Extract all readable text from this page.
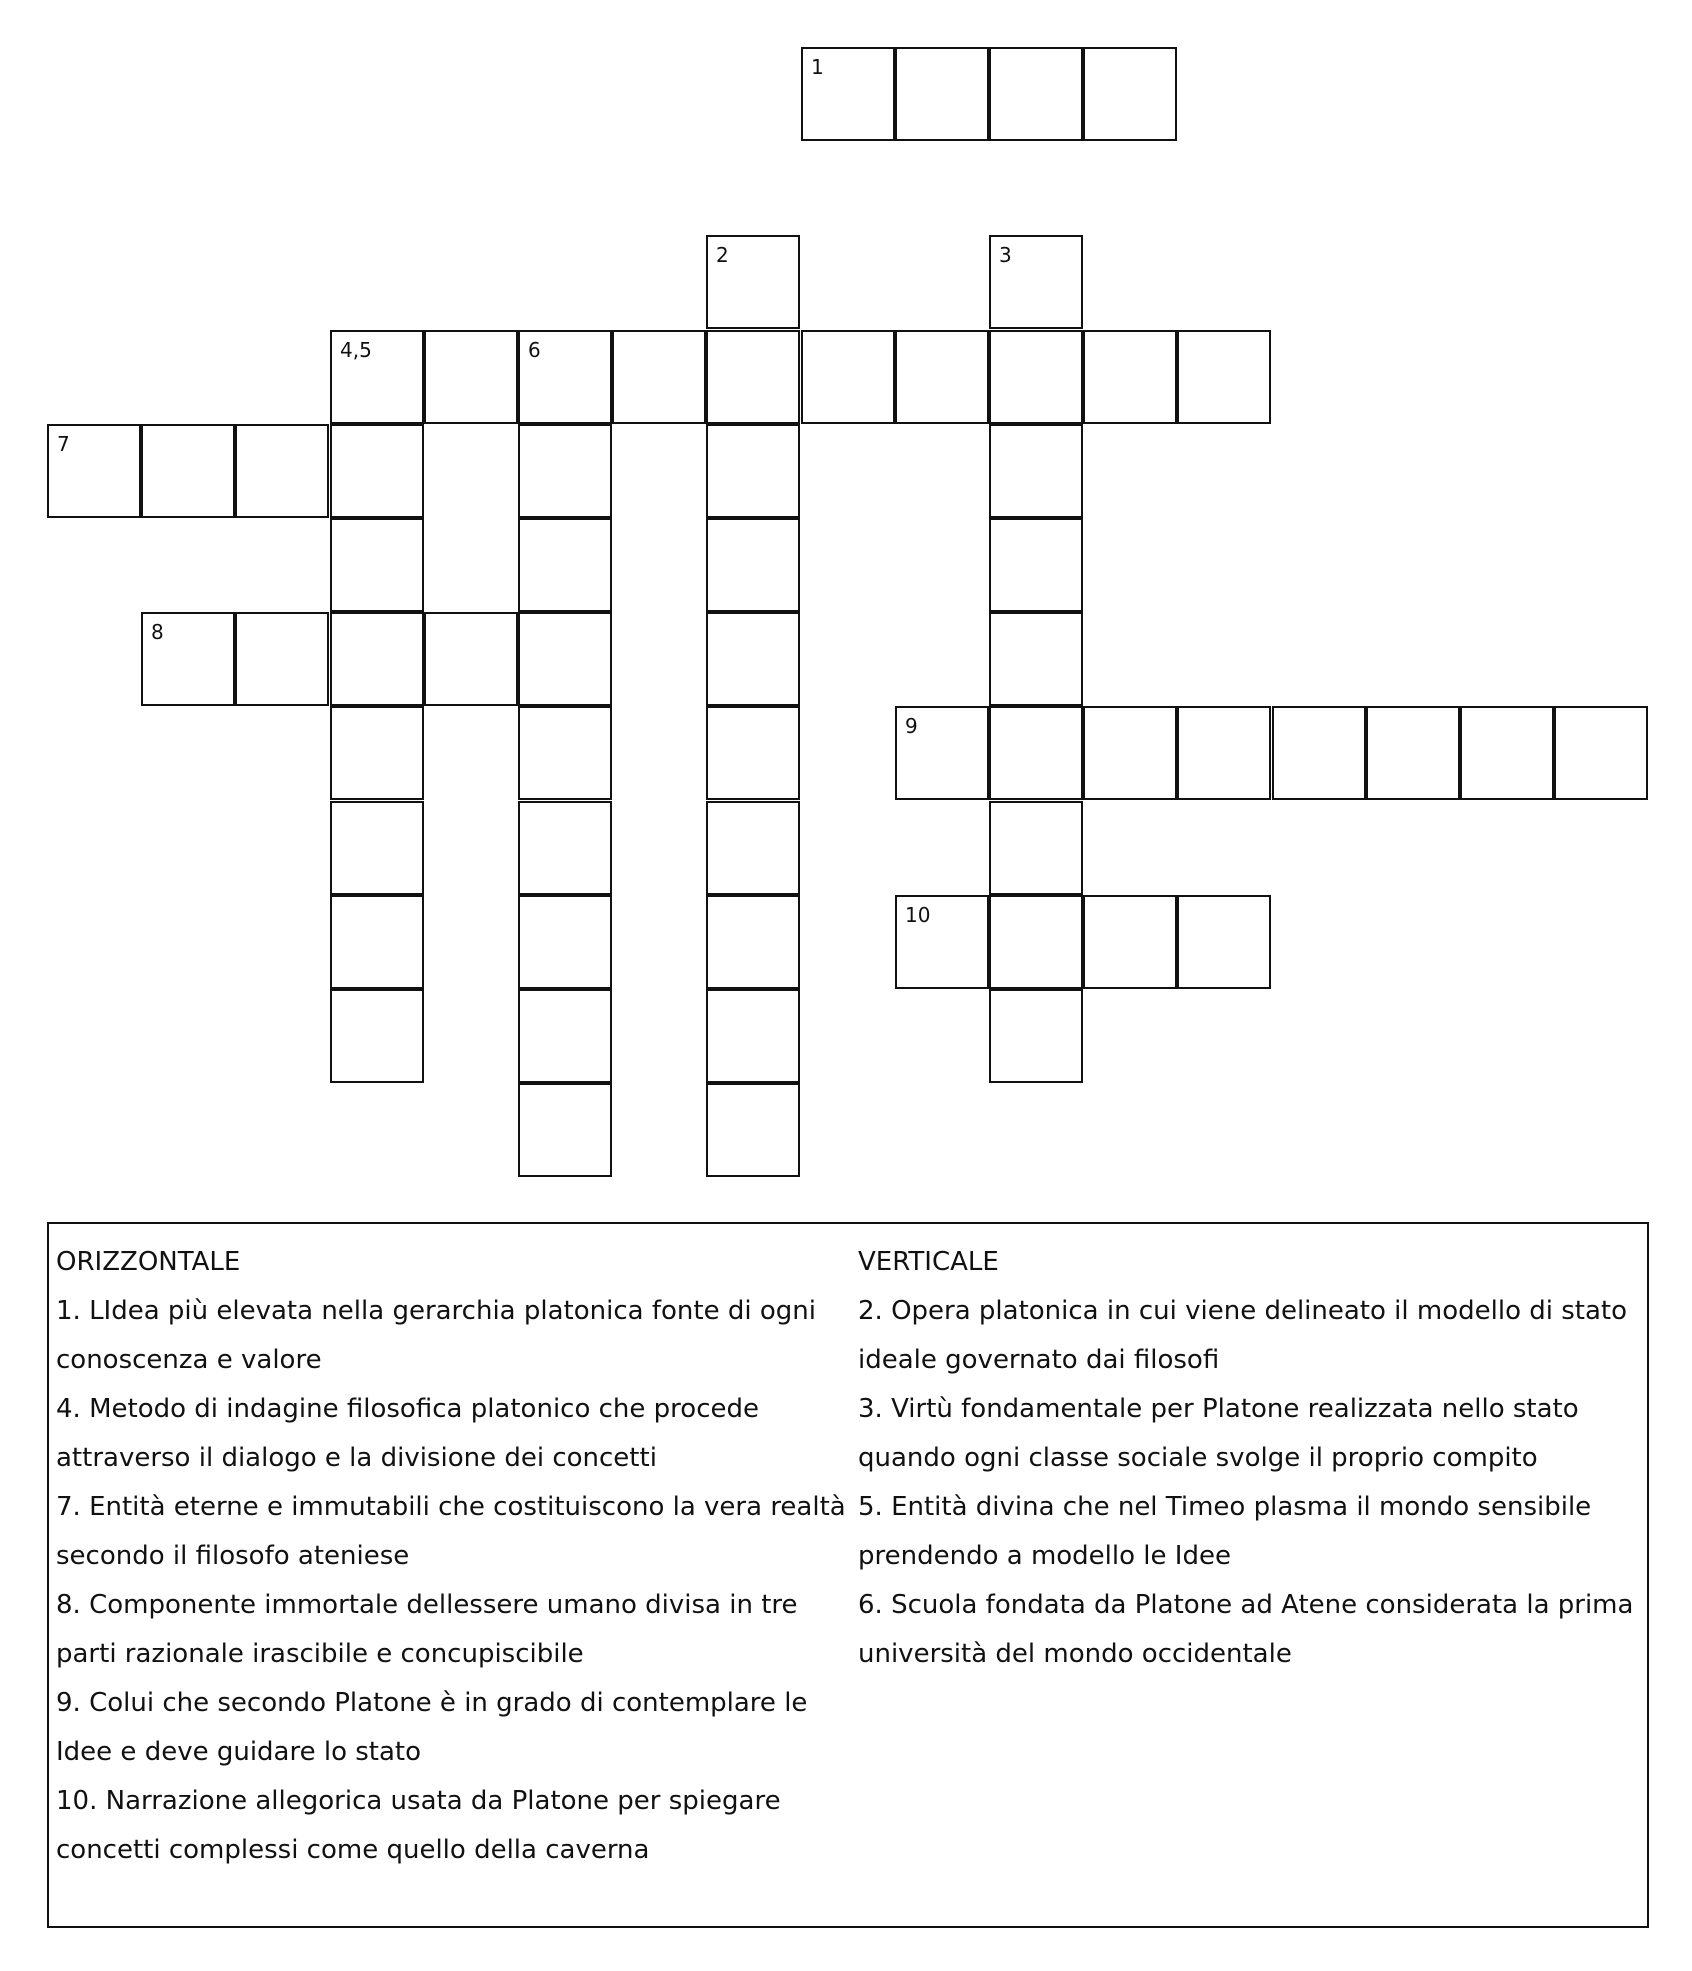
1
2	3
4,5	6
7
8
9
10
ORIZZONTALE
1. LIdea più elevata nella gerarchia platonica fonte di ogni conoscenza e valore
4. Metodo di indagine filosofica platonico che procede attraverso il dialogo e la divisione dei concetti
7. Entità eterne e immutabili che costituiscono la vera realtà secondo il filosofo ateniese
8. Componente immortale dellessere umano divisa in tre parti razionale irascibile e concupiscibile
9. Colui che secondo Platone è in grado di contemplare le Idee e deve guidare lo stato
10. Narrazione allegorica usata da Platone per spiegare concetti complessi come quello della caverna
VERTICALE
2. Opera platonica in cui viene delineato il modello di stato ideale governato dai filosofi
3. Virtù fondamentale per Platone realizzata nello stato quando ogni classe sociale svolge il proprio compito
5. Entità divina che nel Timeo plasma il mondo sensibile prendendo a modello le Idee
6. Scuola fondata da Platone ad Atene considerata la prima università del mondo occidentale
